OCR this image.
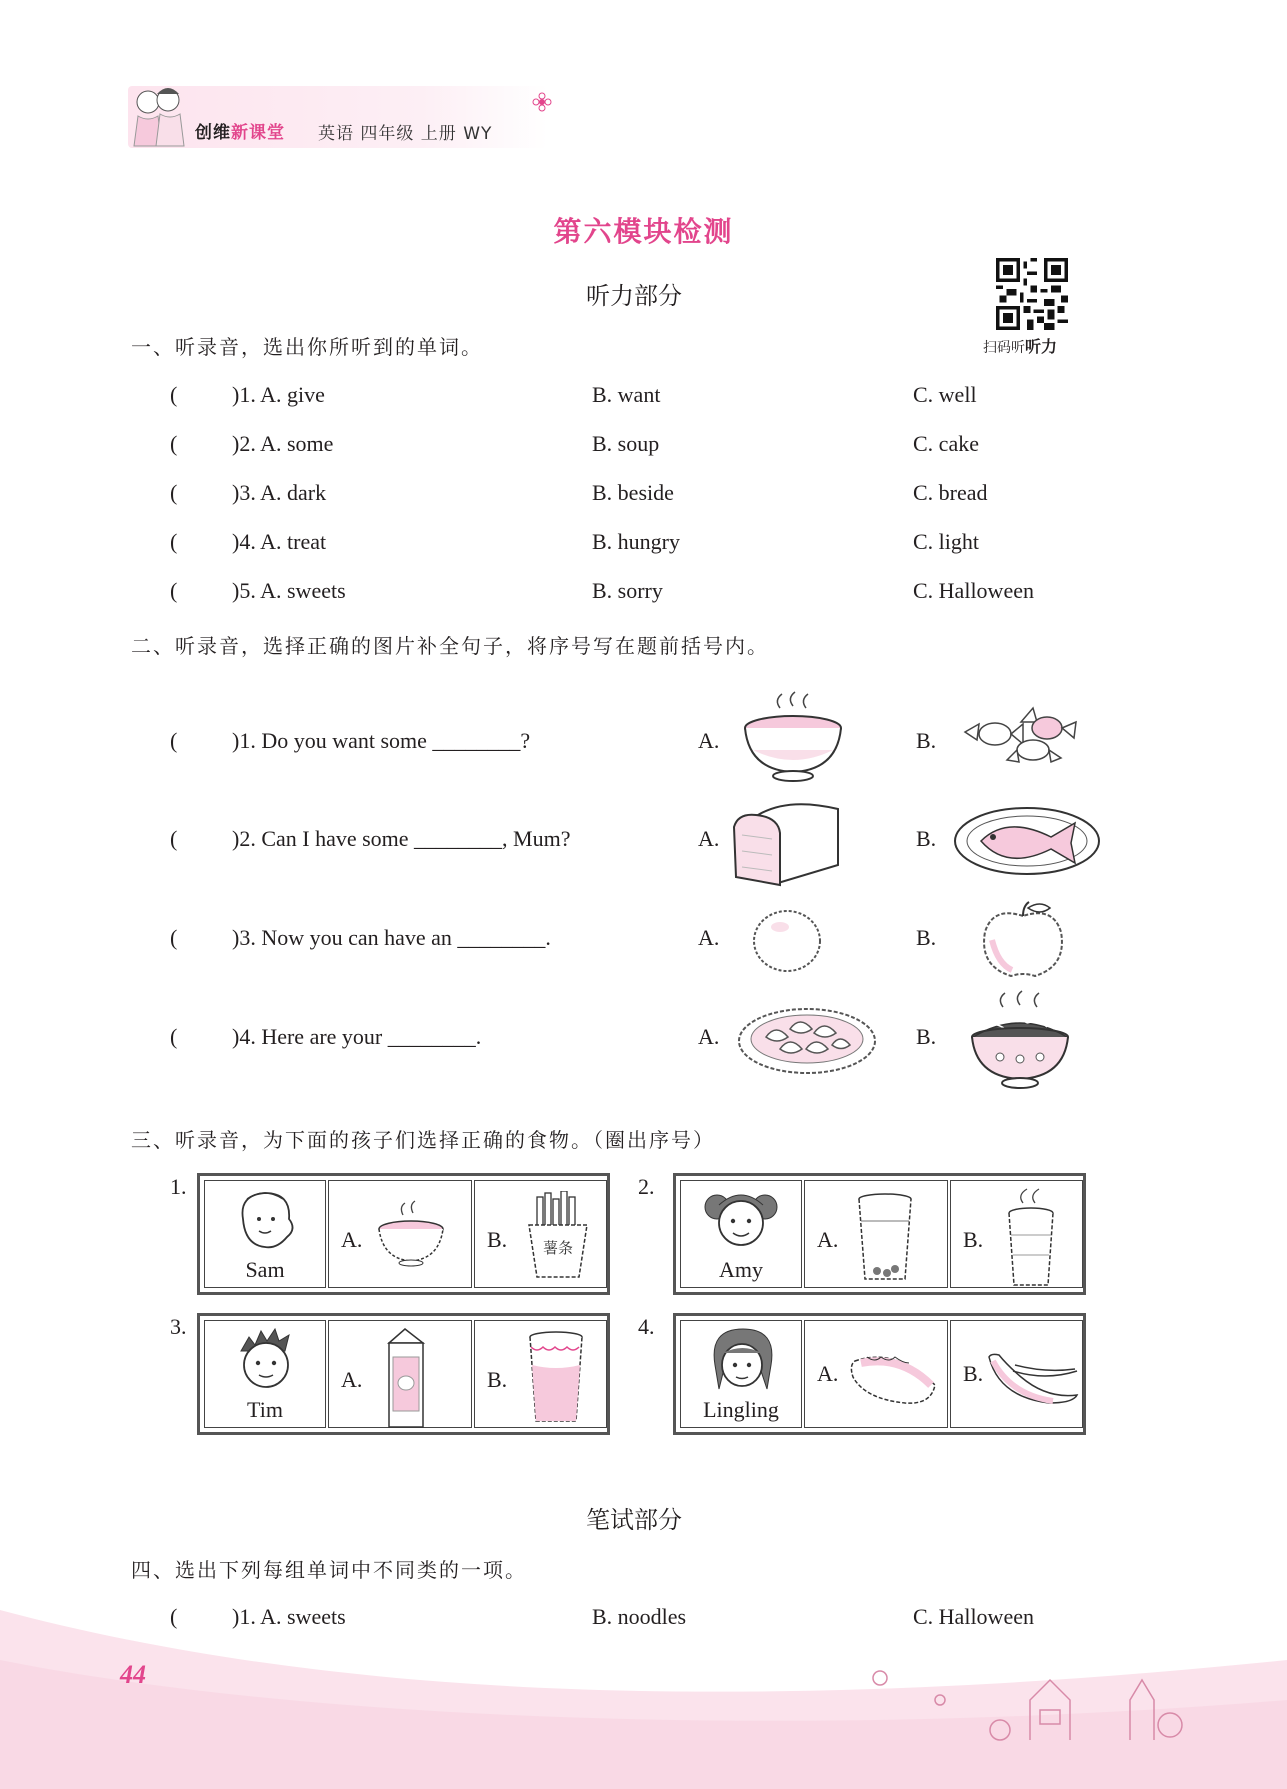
创维新课堂 英语 四年级 上册 WY
第六模块检测
听力部分
扫码听听力
一、听录音，选出你所听到的单词。
( )1. A. give	B. want	C. well
( )2. A. some	B. soup	C. cake
( )3. A. dark	B. beside	C. bread
( )4. A. treat	B. hungry	C. light
( )5. A. sweets	B. sorry	C. Halloween
二、听录音，选择正确的图片补全句子，将序号写在题前括号内。
( )1. Do you want some ________?	A.	B.
( )2. Can I have some ________, Mum?	A.	B.
( )3. Now you can have an ________.	A.	B.
( )4. Here are your ________.	A.	B.
三、听录音，为下面的孩子们选择正确的食物。（圈出序号）
1.
Sam
A.	B. 薯条
2.
Amy
A.	B.
3.
Tim
A.	B.
4.
Lingling
A.	B.
笔试部分
四、选出下列每组单词中不同类的一项。
( )1. A. sweets	B. noodles	C. Halloween
44
